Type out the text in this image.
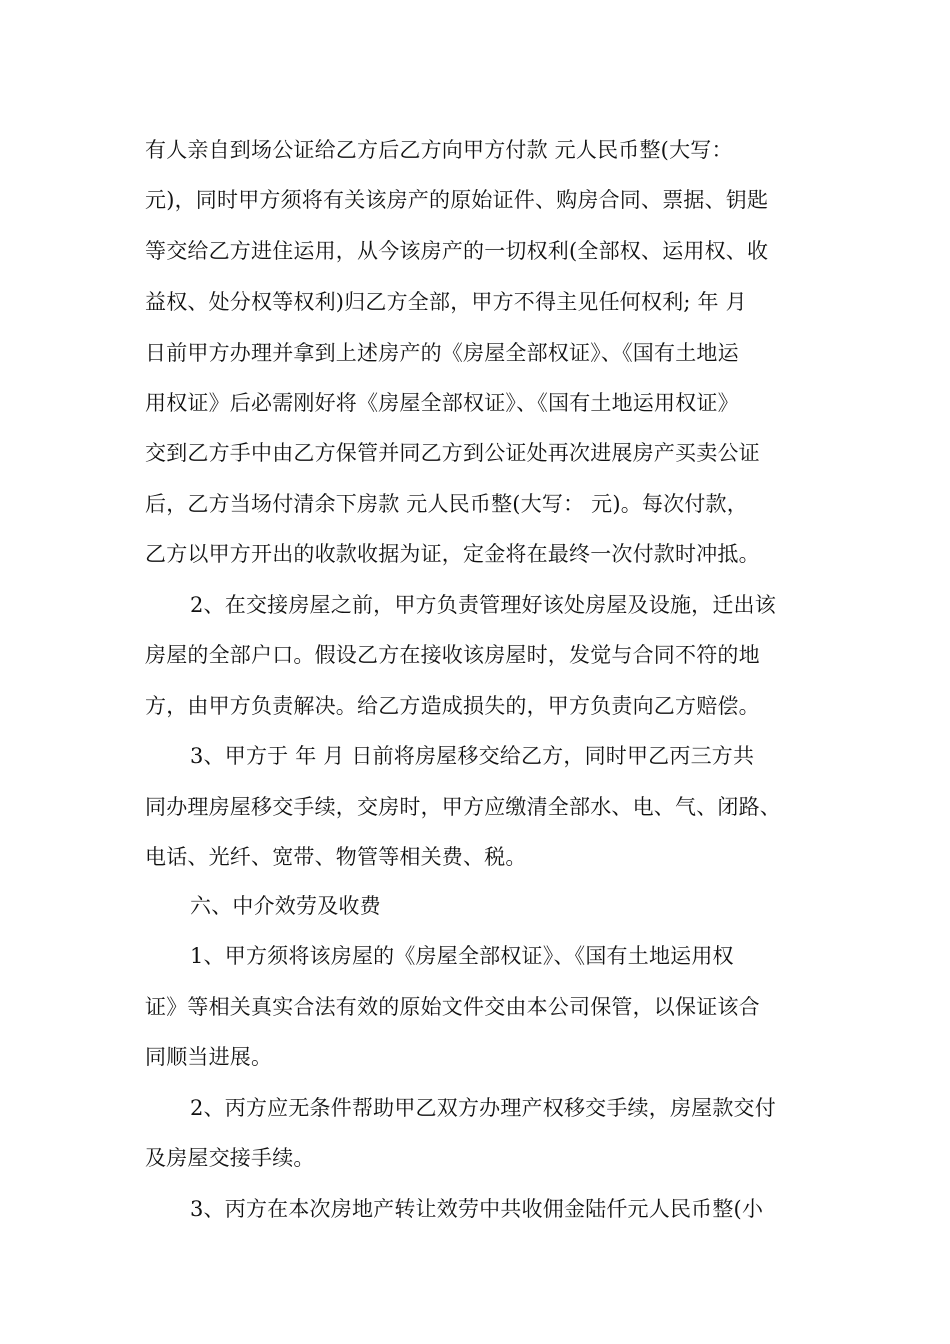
有人亲自到场公证给乙方后乙方向甲方付款 元人民币整(大写：
元)，同时甲方须将有关该房产的原始证件、购房合同、票据、钥匙
等交给乙方进住运用，从今该房产的一切权利(全部权、运用权、收
益权、处分权等权利)归乙方全部，甲方不得主见任何权利; 年 月
日前甲方办理并拿到上述房产的《房屋全部权证》、《国有土地运
用权证》后必需刚好将《房屋全部权证》、《国有土地运用权证》
交到乙方手中由乙方保管并同乙方到公证处再次进展房产买卖公证
后，乙方当场付清余下房款 元人民币整(大写： 元)。每次付款，
乙方以甲方开出的收款收据为证，定金将在最终一次付款时冲抵。
2、在交接房屋之前，甲方负责管理好该处房屋及设施，迁出该
房屋的全部户口。假设乙方在接收该房屋时，发觉与合同不符的地
方，由甲方负责解决。给乙方造成损失的，甲方负责向乙方赔偿。
3、甲方于 年 月 日前将房屋移交给乙方，同时甲乙丙三方共
同办理房屋移交手续，交房时，甲方应缴清全部水、电、气、闭路、
电话、光纤、宽带、物管等相关费、税。
六、中介效劳及收费
1、甲方须将该房屋的《房屋全部权证》、《国有土地运用权
证》等相关真实合法有效的原始文件交由本公司保管，以保证该合
同顺当进展。
2、丙方应无条件帮助甲乙双方办理产权移交手续，房屋款交付
及房屋交接手续。
3、丙方在本次房地产转让效劳中共收佣金陆仟元人民币整(小
